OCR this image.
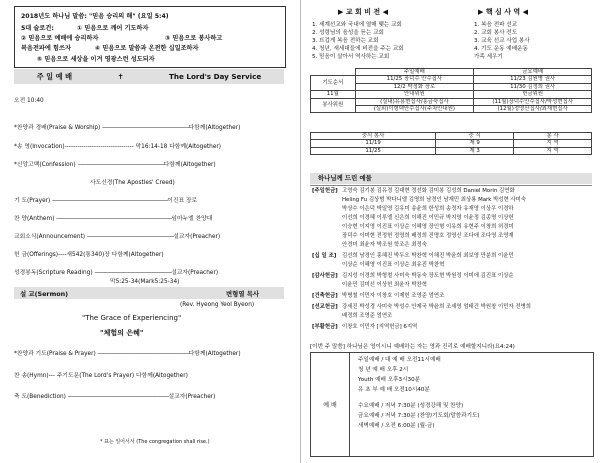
2018년도 하나님 말씀: "믿음 승리의 해" (요일 5:4)
5대 슬로건:	① 믿음으로 깨어 기도하자
② 믿음으로 예배에 승리하자	③ 믿음으로 봉사하고
복음전파에 힘쓰자	④ 믿음으로 말씀과 온전한 십일조하자
⑤ 믿음으로 세상을 이겨 영광스런 성도되자
주 일 예 배	✝	The Lord's Day Service
오전 10:40
*찬양과 경배(Praise & Worship) ——————————————————다함께(Altogether)
*송 영(Invocation)--------------------------------- 막16:14-18 다함께(Altogether)
*신앙고백(Confession) ——————————————————다함께(Altogether)
사도신경(The Apostles' Creed)
기 도(Prayer) ————————————————————————이진표 장로
찬 양(Anthem) ————————————————————————임마누엘 찬양대
교회소식(Announcement) ——————————————————설교자(Preacher)
헌 금(Offerings)----새542(통340)장 다함께(Altogether)
성경봉독(Scripture Reading) ————————————————설교자(Preacher)
막5:25-34(Mark5:25-34)
설 교(Sermon)	변형열 목사
(Rev. Hyeong Yeol Byeon)
"The Grace of Experiencing"
"체험의 은혜"
*찬양과 기도(Praise & Prayer) ———————————————————다함께(Altogether)
찬 송(Hymn)--- 주기도문(The Lord's Prayer) 다함께(Altogether)
축 도(Benediction) —————————————————————설교자(Preacher)
* 표는 일어서서 (The congregation shall rise.)
▶ 교 회 비 전 ◀
1. 세계선교와 국내에 열매 맺는 교회
2. 성령님의 음성을 듣는 교회
3. 뜨겁게 복음 전하는 교회
4. 청년, 새세대들에 비전을 주는 교회
5. 믿음이 살아서 역사하는 교회
▶ 핵 심 사 역 ◀
1. 복음 전파 선교
2. 교회 봉사 전도
3. 교육 선교 사업 봉사
4. 기도 운동 예배운동
가족 세우기
	주일예배	금요예배
기도순서	11/25 장덕수 안수집사	11/23 김원병 권사
	12/2 박정화 장로	11/30 김정희 권사
11월	안내위원	헌금위원
봉사위원	(실내)유용현집사/홍금숙집사	(11월)장덕수안수집사/박성현집사
	(실외)이형택안수집사(주차안내원)	(12월)정영산집사/최재현집사
중식 봉사	중 식	봉 사
11/19	제 9	지 역
11/25	제 3	지 역
하나님께 드린 예물
[주일헌금] 고영숙 김기봉 김유경 김대현 정선화 김미봉 김성희 Daniel Morin 김연화
Heling Fu 김상범 박다니엘 김명희 남경인 남재민 최상룡 Mark 박성현 사미숙
박상수 이은덕 박일영 김유미 송윤희 한성희 송정자 유재영 이상우 이경하
이선희 이경혜 이루엘 신은희 이해진 이민규 박지영 이윤정 김종명 이상헌
이승현 이지영 이진표 이상순 이혜영 장인형 이유희 유현주 이창희 허경미
장덕수 이미현 전정헌 정영희 배정희 진명호 정영신 조다애 조다영 조영재
안경미 최윤자 박조원 학조은 최정숙
[십 일 조] 김선희 남경인 홍혜진 박두오 박찬혁 이해진 박윤희 최보영 만분희 이윤민
이상순 이혜영 이진표 이상순 최유진 박찬혁
[감사헌금] 김지성 이경희 박형철 사미숙 박동숙 장도현 박원정 이미애 김진표 이상순
이윤민 김미선 이상헌 최윤자 박찬혁
[건축헌금] 박병철 이민자 이창호 이제헌 조영준 엄연조
[선교헌금] 강세진 박성경 사미숙 박성수 안제국 박윤희 조세영 엄태건 박원창 이민자 전병희
배정희 조영준 엄연조
[부활헌금] 이창호 이민자 [지역헌금] 6지역
[이번 주 말씀] 하나님은 영이시니 예배하는 자는 영과 진리로 예배할지니라(요4:24)
예 배
주일예배 / 대 예 배 오전11시예배
청 년 예 배 오후 2시
Youth 예배 오후3시30분
유 초 부 예 배 오전10시40분
수요예배 / 저녁 7:30분 (성경강해 및 찬양)
금요예배 / 저녁 7:30분 (찬양/기도회/말씀과기도)
새벽예배 / 오전 6:00분 (월-금)
